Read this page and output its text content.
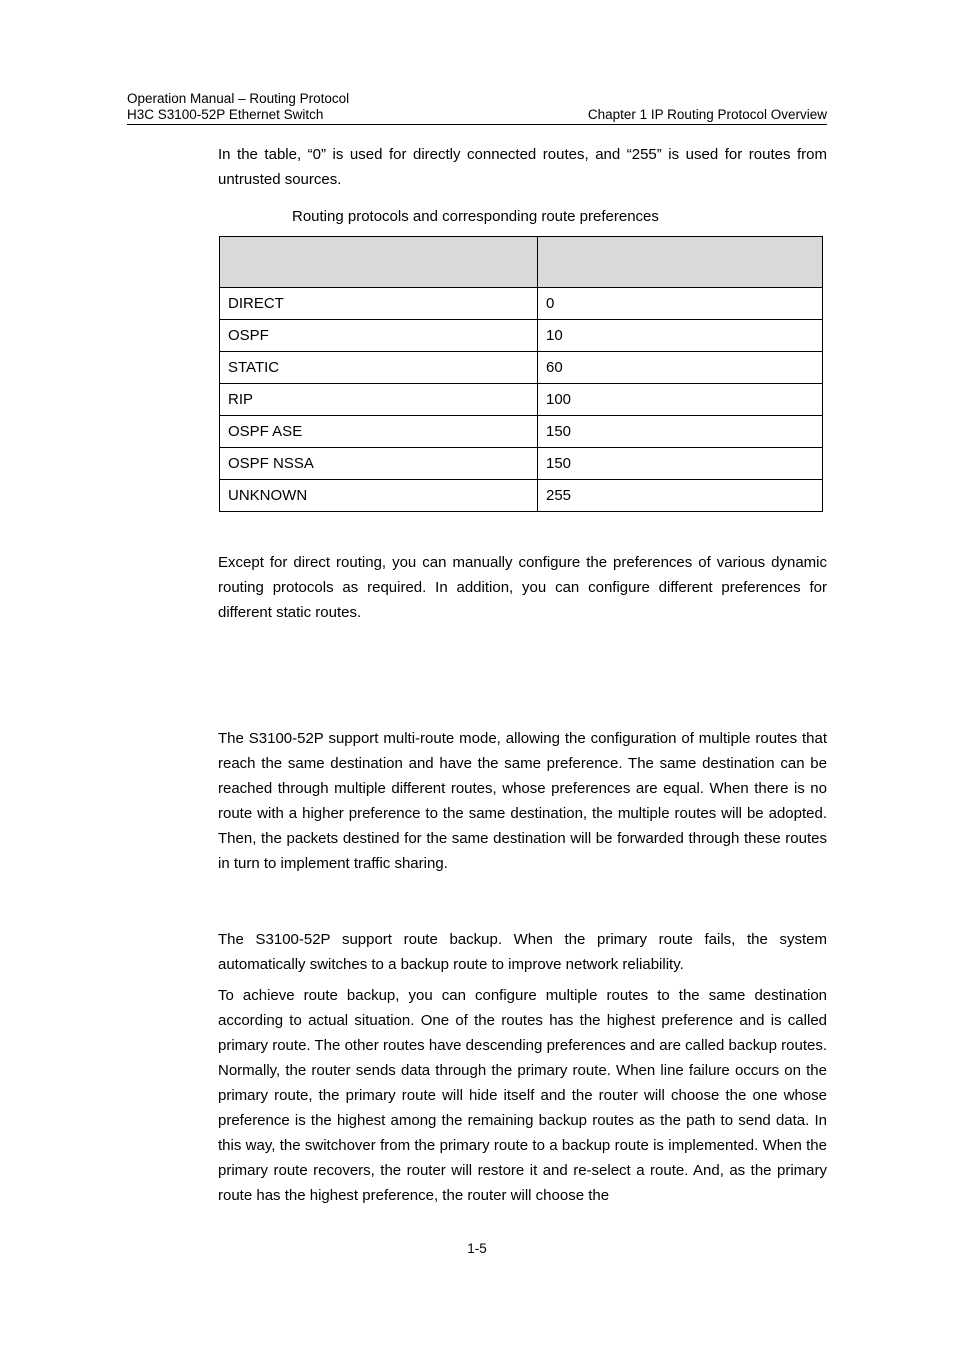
Operation Manual – Routing Protocol
H3C S3100-52P Ethernet Switch	Chapter 1 IP Routing Protocol Overview

In the table, “0” is used for directly connected routes, and “255” is used for routes from untrusted sources.

Routing protocols and corresponding route preferences

DIRECT	0
OSPF	10
STATIC	60
RIP	100
OSPF ASE	150
OSPF NSSA	150
UNKNOWN	255

Except for direct routing, you can manually configure the preferences of various dynamic routing protocols as required. In addition, you can configure different preferences for different static routes.

The S3100-52P support multi-route mode, allowing the configuration of multiple routes that reach the same destination and have the same preference. The same destination can be reached through multiple different routes, whose preferences are equal. When there is no route with a higher preference to the same destination, the multiple routes will be adopted. Then, the packets destined for the same destination will be forwarded through these routes in turn to implement traffic sharing.

The S3100-52P support route backup. When the primary route fails, the system automatically switches to a backup route to improve network reliability.

To achieve route backup, you can configure multiple routes to the same destination according to actual situation. One of the routes has the highest preference and is called primary route. The other routes have descending preferences and are called backup routes. Normally, the router sends data through the primary route. When line failure occurs on the primary route, the primary route will hide itself and the router will choose the one whose preference is the highest among the remaining backup routes as the path to send data. In this way, the switchover from the primary route to a backup route is implemented. When the primary route recovers, the router will restore it and re-select a route. And, as the primary route has the highest preference, the router will choose the

1-5
